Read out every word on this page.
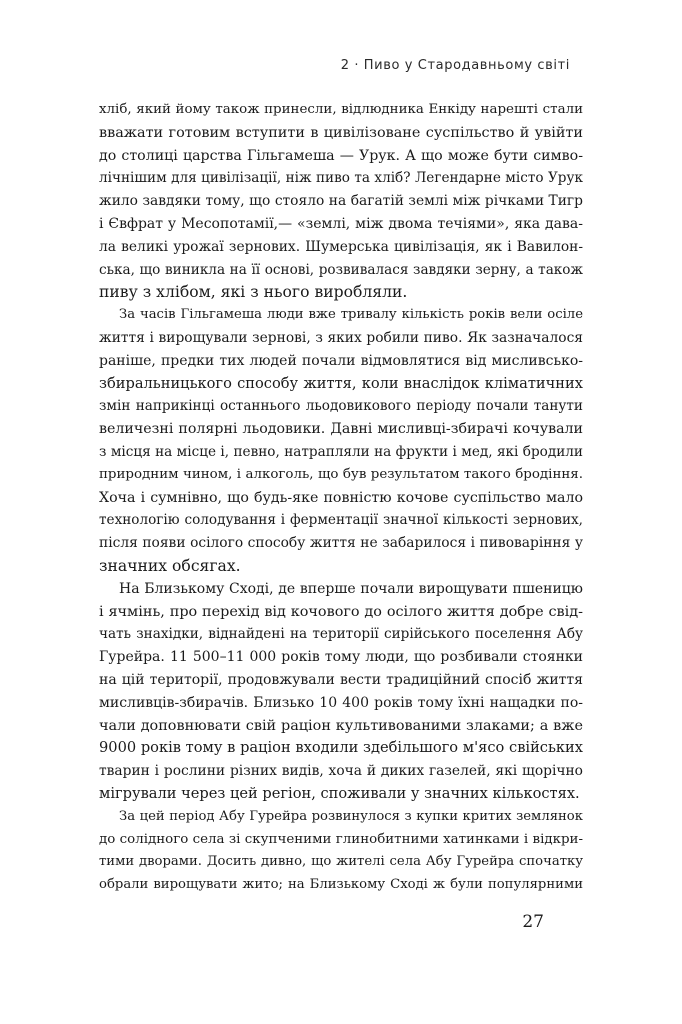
2 · Пиво у Стародавньому світі
хліб, який йому також принесли, відлюдника Енкіду нарешті стали
вважати готовим вступити в цивілізоване суспільство й увійти
до столиці царства Гільгамеша — Урук. А що може бути симво-
лічнішим для цивілізації, ніж пиво та хліб? Легендарне місто Урук
жило завдяки тому, що стояло на багатій землі між річками Тигр
і Євфрат у Месопотамії,— «землі, між двома течіями», яка дава-
ла великі урожаї зернових. Шумерська цивілізація, як і Вавилон-
ська, що виникла на її основі, розвивалася завдяки зерну, а також
пиву з хлібом, які з нього виробляли.
За часів Гільгамеша люди вже тривалу кількість років вели осіле
життя і вирощували зернові, з яких робили пиво. Як зазначалося
раніше, предки тих людей почали відмовлятися від мисливсько-
збиральницького способу життя, коли внаслідок кліматичних
змін наприкінці останнього льодовикового періоду почали танути
величезні полярні льодовики. Давні мисливці-збирачі кочували
з місця на місце і, певно, натрапляли на фрукти і мед, які бродили
природним чином, і алкоголь, що був результатом такого бродіння.
Хоча і сумнівно, що будь-яке повністю кочове суспільство мало
технологію солодування і ферментації значної кількості зернових,
після появи осілого способу життя не забарилося і пивоваріння у
значних обсягах.
На Близькому Сході, де вперше почали вирощувати пшеницю
і ячмінь, про перехід від кочового до осілого життя добре свід-
чать знахідки, віднайдені на території сирійського поселення Абу
Гурейра. 11 500–11 000 років тому люди, що розбивали стоянки
на цій території, продовжували вести традиційний спосіб життя
мисливців-збирачів. Близько 10 400 років тому їхні нащадки по-
чали доповнювати свій раціон культивованими злаками; а вже
9000 років тому в раціон входили здебільшого м'ясо свійських
тварин і рослини різних видів, хоча й диких газелей, які щорічно
мігрували через цей регіон, споживали у значних кількостях.
За цей період Абу Гурейра розвинулося з купки критих землянок
до солідного села зі скупченими глинобитними хатинками і відкри-
тими дворами. Досить дивно, що жителі села Абу Гурейра спочатку
обрали вирощувати жито; на Близькому Сході ж були популярними
27
